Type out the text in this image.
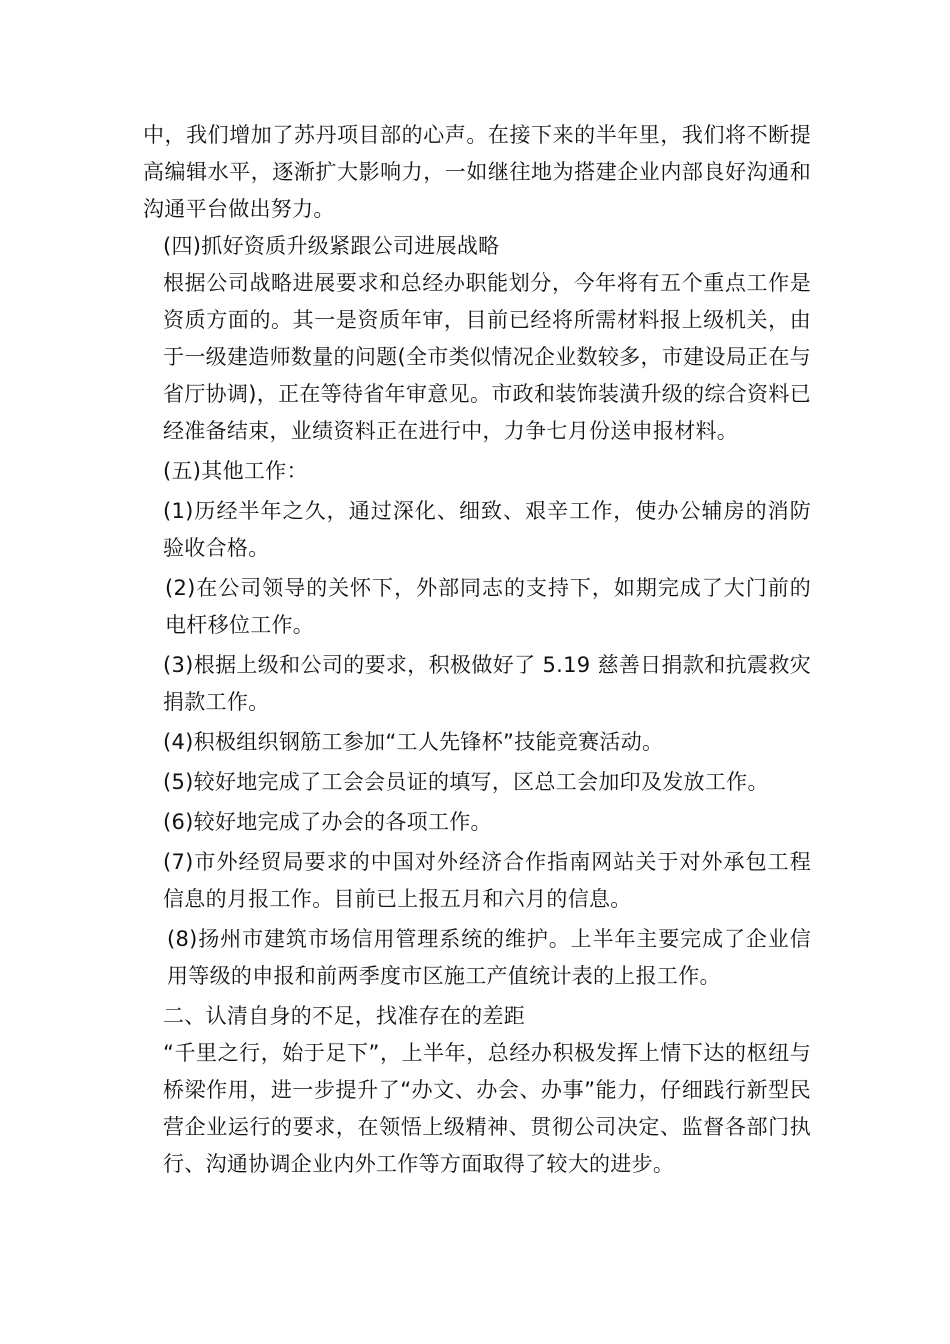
中，我们增加了苏丹项目部的心声。在接下来的半年里，我们将不断提高编辑水平，逐渐扩大影响力，一如继往地为搭建企业内部良好沟通和沟通平台做出努力。

(四)抓好资质升级紧跟公司进展战略

根据公司战略进展要求和总经办职能划分，今年将有五个重点工作是资质方面的。其一是资质年审，目前已经将所需材料报上级机关，由于一级建造师数量的问题(全市类似情况企业数较多，市建设局正在与省厅协调)，正在等待省年审意见。市政和装饰装潢升级的综合资料已经准备结束，业绩资料正在进行中，力争七月份送申报材料。

(五)其他工作：

(1)历经半年之久，通过深化、细致、艰辛工作，使办公辅房的消防验收合格。

(2)在公司领导的关怀下，外部同志的支持下，如期完成了大门前的电杆移位工作。

(3)根据上级和公司的要求，积极做好了 5.19 慈善日捐款和抗震救灾捐款工作。

(4)积极组织钢筋工参加“工人先锋杯”技能竞赛活动。

(5)较好地完成了工会会员证的填写，区总工会加印及发放工作。

(6)较好地完成了办会的各项工作。

(7)市外经贸局要求的中国对外经济合作指南网站关于对外承包工程信息的月报工作。目前已上报五月和六月的信息。

(8)扬州市建筑市场信用管理系统的维护。上半年主要完成了企业信用等级的申报和前两季度市区施工产值统计表的上报工作。

二、认清自身的不足，找准存在的差距

“千里之行，始于足下”，上半年，总经办积极发挥上情下达的枢纽与桥梁作用，进一步提升了“办文、办会、办事”能力，仔细践行新型民营企业运行的要求，在领悟上级精神、贯彻公司决定、监督各部门执行、沟通协调企业内外工作等方面取得了较大的进步。
